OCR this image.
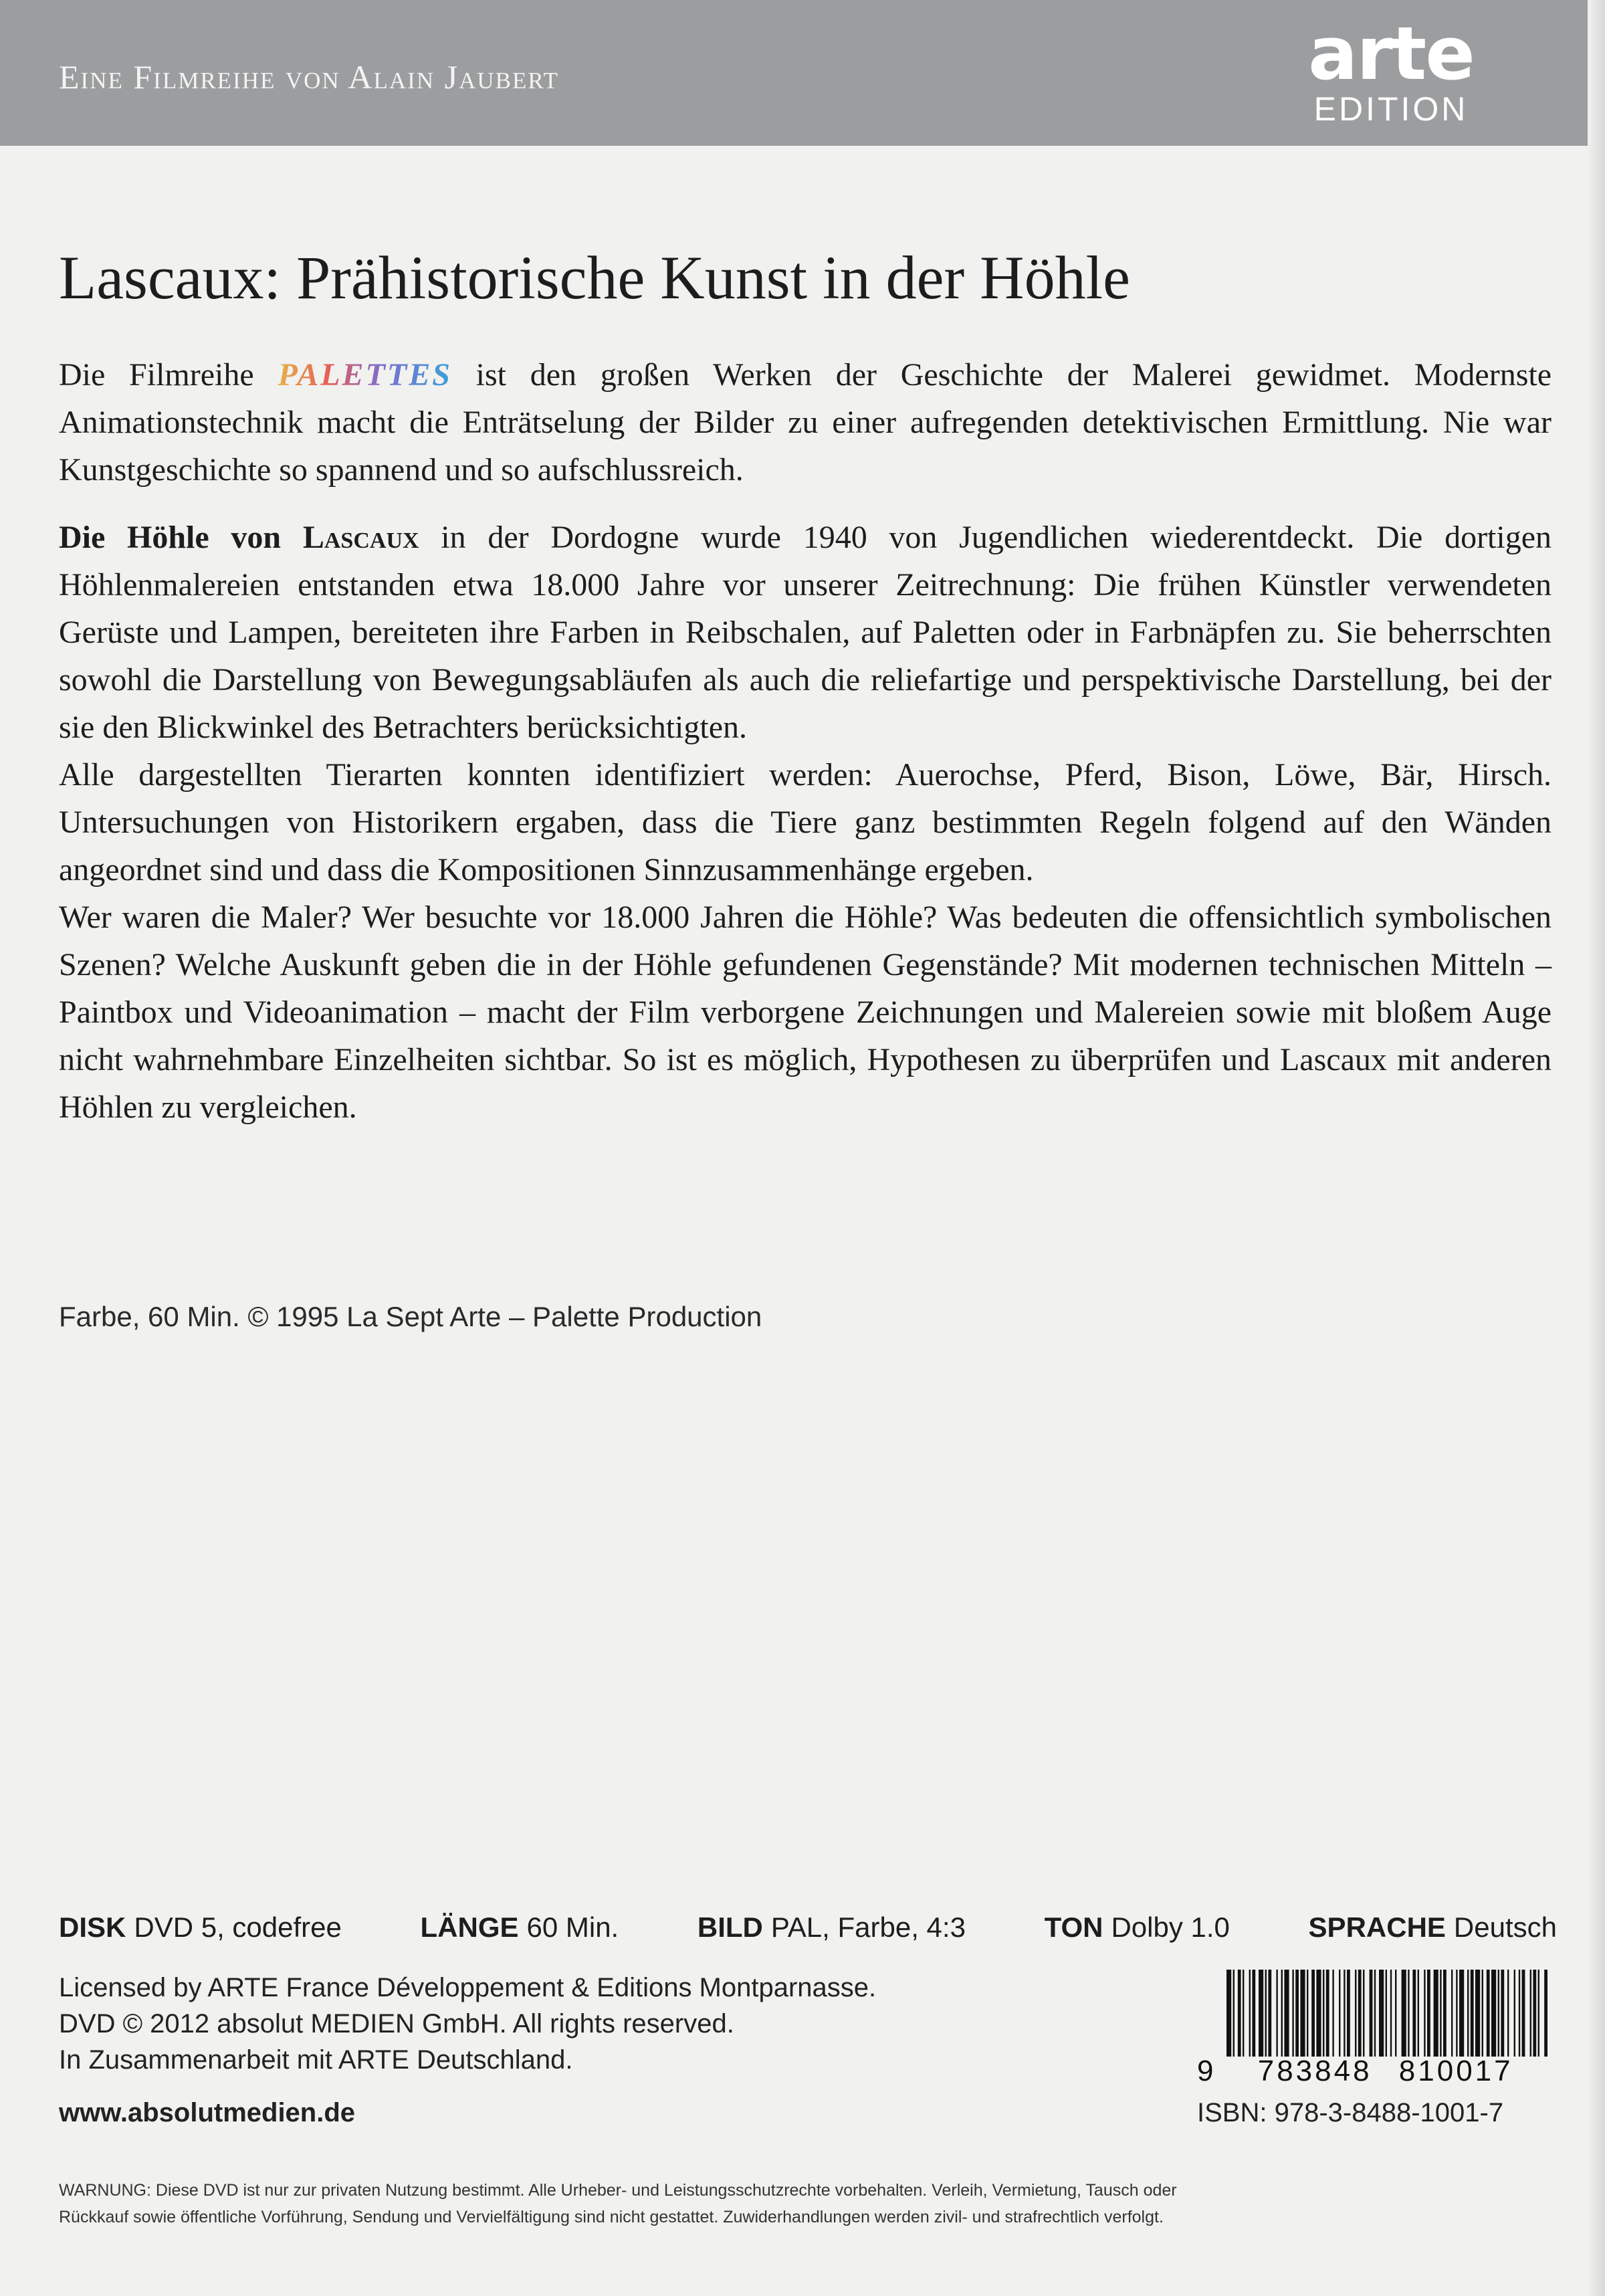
Eine Filmreihe von Alain Jaubert	arte
EDITION
Lascaux: Prähistorische Kunst in der Höhle

Die Filmreihe PALETTES ist den großen Werken der Geschichte der Malerei gewidmet. Modernste Animationstechnik macht die Enträtselung der Bilder zu einer aufregenden detektivischen Ermittlung. Nie war Kunstgeschichte so spannend und so aufschlussreich.

Die Höhle von Lascaux in der Dordogne wurde 1940 von Jugendlichen wiederentdeckt. Die dortigen Höhlenmalereien entstanden etwa 18.000 Jahre vor unserer Zeitrechnung: Die frühen Künstler verwendeten Gerüste und Lampen, bereiteten ihre Farben in Reibschalen, auf Paletten oder in Farbnäpfen zu. Sie beherrschten sowohl die Darstellung von Bewegungsabläufen als auch die reliefartige und perspektivische Darstellung, bei der sie den Blickwinkel des Betrachters berücksichtigten.

Alle dargestellten Tierarten konnten identifiziert werden: Auerochse, Pferd, Bison, Löwe, Bär, Hirsch. Untersuchungen von Historikern ergaben, dass die Tiere ganz bestimmten Regeln folgend auf den Wänden angeordnet sind und dass die Kompositionen Sinnzusammenhänge ergeben.

Wer waren die Maler? Wer besuchte vor 18.000 Jahren die Höhle? Was bedeuten die offensichtlich symbolischen Szenen? Welche Auskunft geben die in der Höhle gefundenen Gegenstände? Mit modernen technischen Mitteln – Paintbox und Videoanimation – macht der Film verborgene Zeichnungen und Malereien sowie mit bloßem Auge nicht wahrnehmbare Einzelheiten sichtbar. So ist es möglich, Hypothesen zu überprüfen und Lascaux mit anderen Höhlen zu vergleichen.

Farbe, 60 Min. © 1995 La Sept Arte – Palette Production
DISK DVD 5, codefree	LÄNGE 60 Min.	BILD PAL, Farbe, 4:3	TON Dolby 1.0	SPRACHE Deutsch
Licensed by ARTE France Développement & Editions Montparnasse.
DVD © 2012 absolut MEDIEN GmbH. All rights reserved.
In Zusammenarbeit mit ARTE Deutschland.
www.absolutmedien.de
9 783848 810017
ISBN: 978-3-8488-1001-7
WARNUNG: Diese DVD ist nur zur privaten Nutzung bestimmt. Alle Urheber- und Leistungsschutzrechte vorbehalten. Verleih, Vermietung, Tausch oder
Rückkauf sowie öffentliche Vorführung, Sendung und Vervielfältigung sind nicht gestattet. Zuwiderhandlungen werden zivil- und strafrechtlich verfolgt.
